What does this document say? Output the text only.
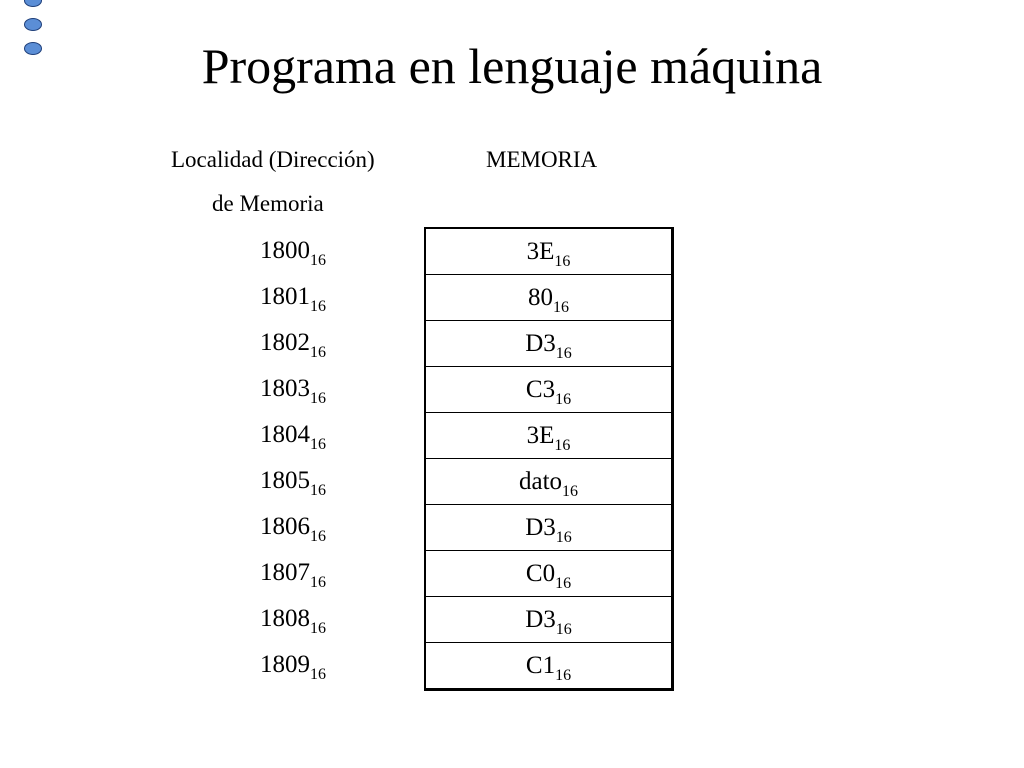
Programa en lenguaje máquina
Localidad (Dirección)	MEMORIA
de Memoria
$1800_{16}$
$1801_{16}$
$1802_{16}$
$1803_{16}$
$1804_{16}$
$1805_{16}$
$1806_{16}$
$1807_{16}$
$1808_{16}$
$1809_{16}$
$3E_{16}$
$80_{16}$
$D3_{16}$
$C3_{16}$
$3E_{16}$
dato$_{16}$
$D3_{16}$
$C0_{16}$
$D3_{16}$
$C1_{16}$
